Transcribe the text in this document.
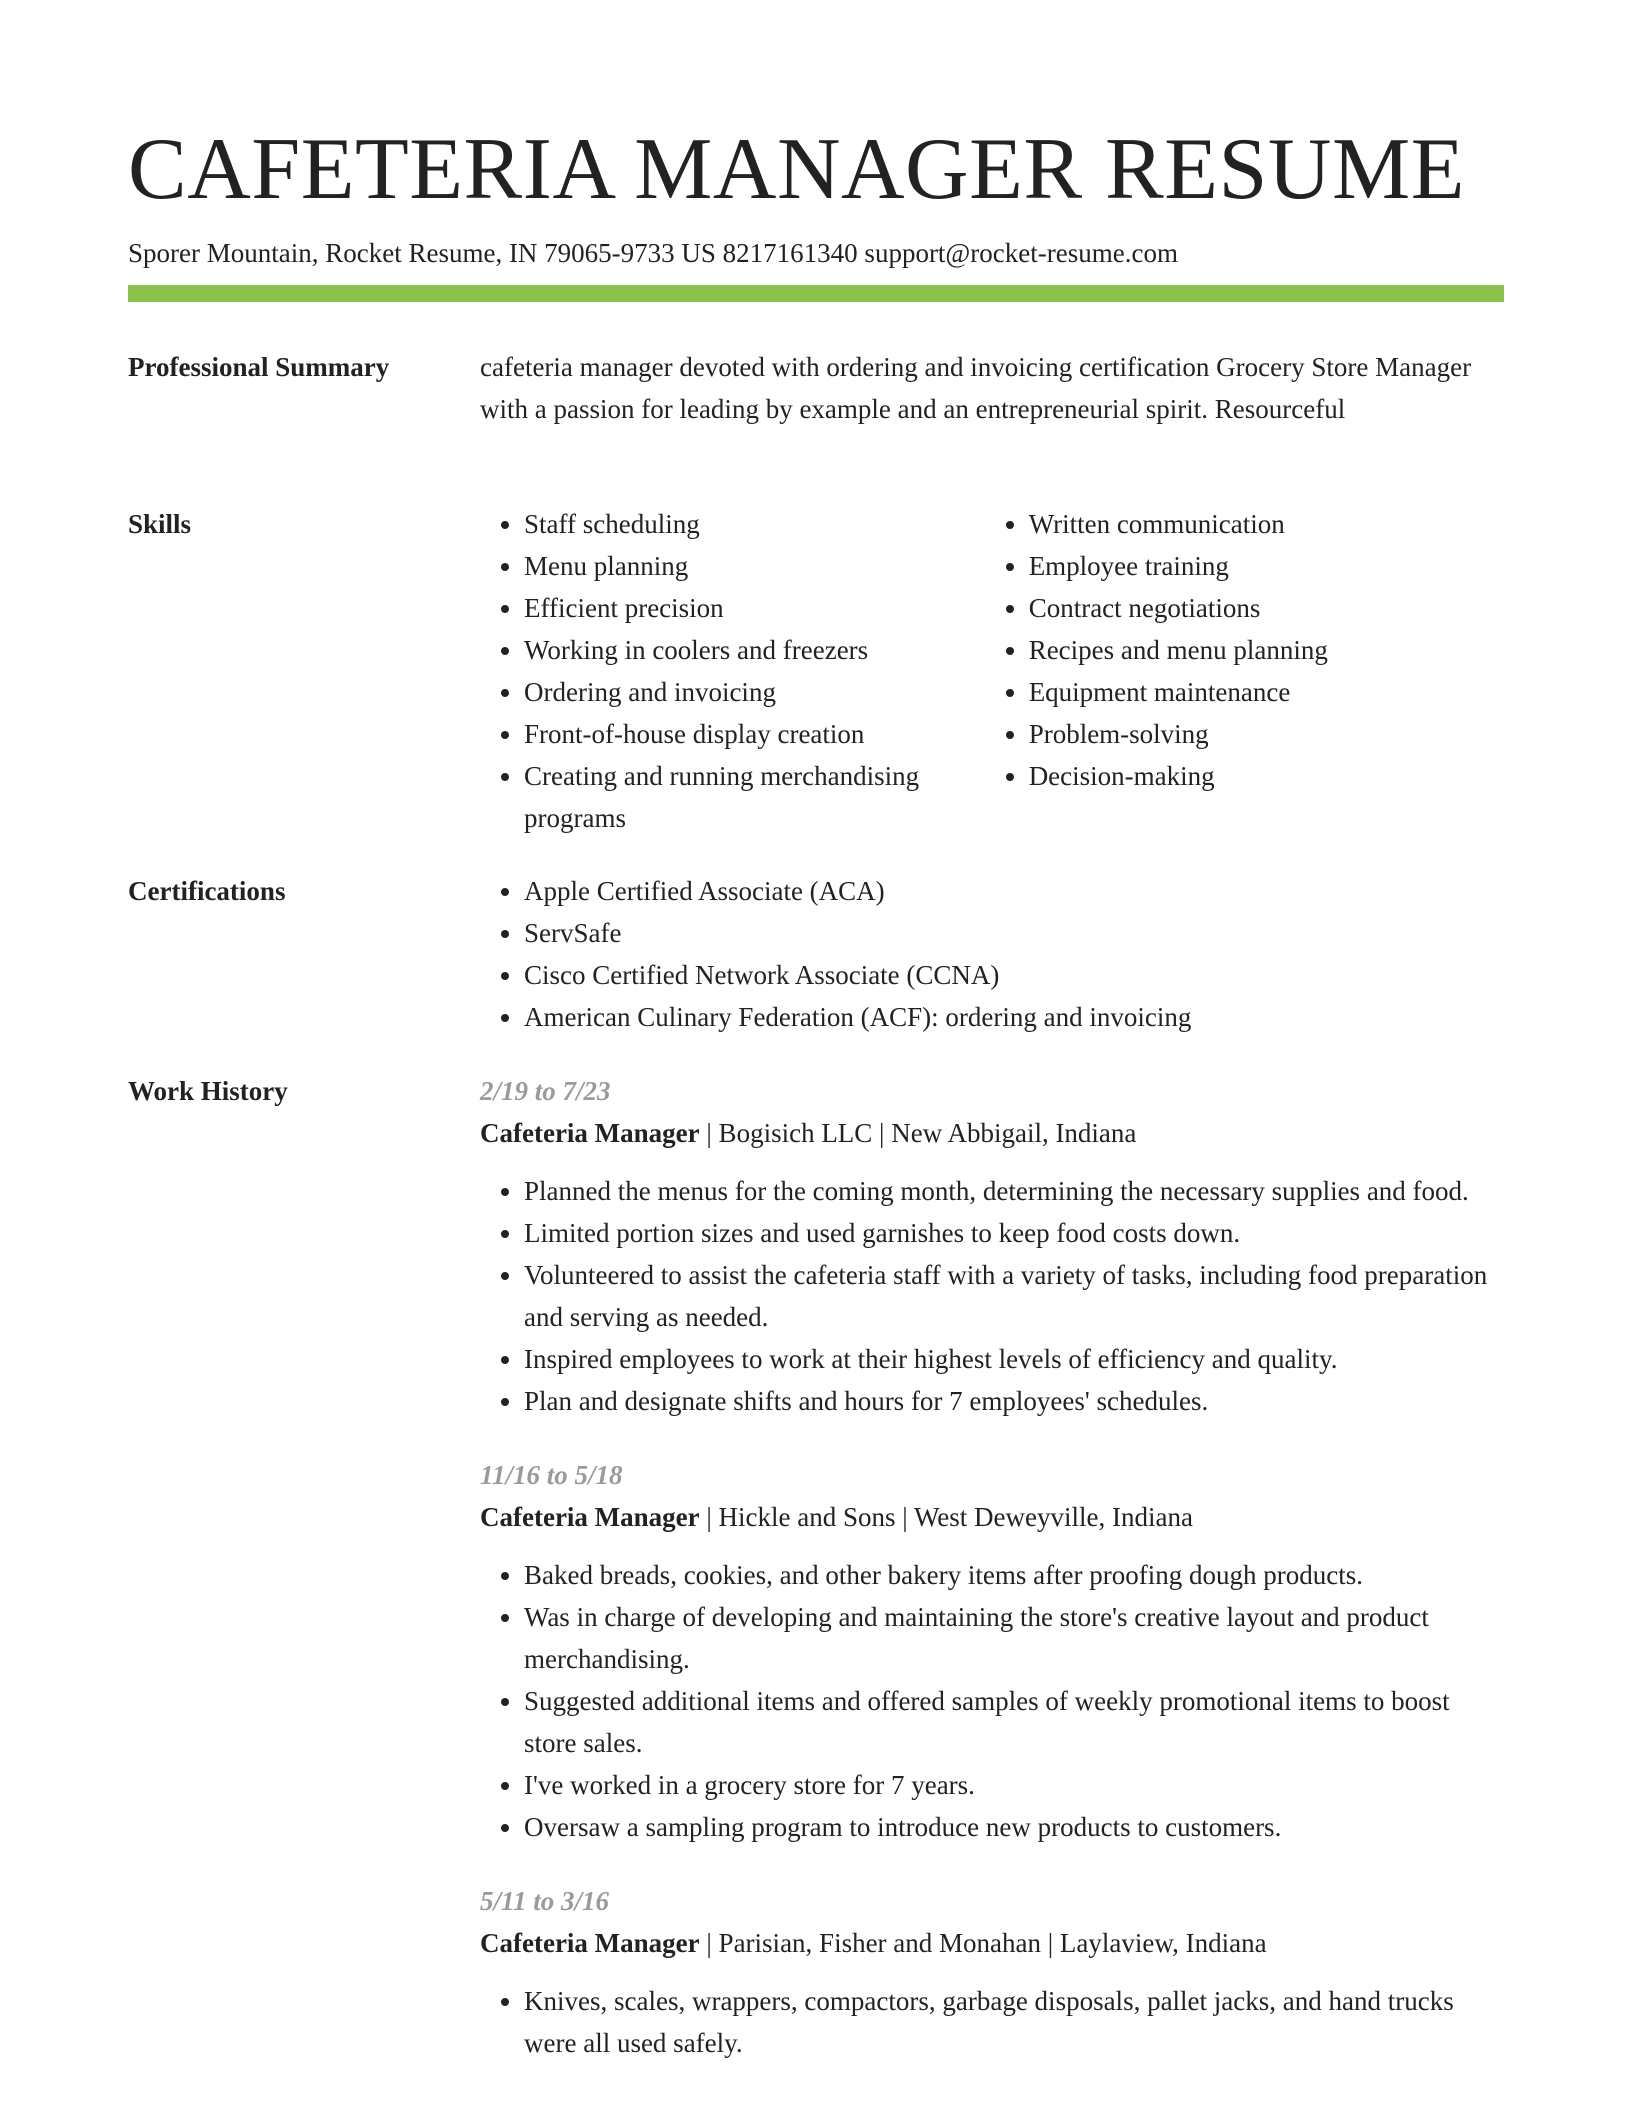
CAFETERIA MANAGER RESUME
Sporer Mountain, Rocket Resume, IN 79065-9733 US 8217161340 support@rocket-resume.com
Professional Summary	cafeteria manager devoted with ordering and invoicing certification Grocery Store Manager with a passion for leading by example and an entrepreneurial spirit. Resourceful

Skills	• Staff scheduling
• Menu planning
• Efficient precision
• Working in coolers and freezers
• Ordering and invoicing
• Front-of-house display creation
• Creating and running merchandising programs
• Written communication
• Employee training
• Contract negotiations
• Recipes and menu planning
• Equipment maintenance
• Problem-solving
• Decision-making
Certifications	• Apple Certified Associate (ACA)
• ServSafe
• Cisco Certified Network Associate (CCNA)
• American Culinary Federation (ACF): ordering and invoicing
Work History	2/19 to 7/23
Cafeteria Manager | Bogisich LLC | New Abbigail, Indiana
• Planned the menus for the coming month, determining the necessary supplies and food.
• Limited portion sizes and used garnishes to keep food costs down.
• Volunteered to assist the cafeteria staff with a variety of tasks, including food preparation and serving as needed.
• Inspired employees to work at their highest levels of efficiency and quality.
• Plan and designate shifts and hours for 7 employees' schedules.
11/16 to 5/18
Cafeteria Manager | Hickle and Sons | West Deweyville, Indiana
• Baked breads, cookies, and other bakery items after proofing dough products.
• Was in charge of developing and maintaining the store's creative layout and product merchandising.
• Suggested additional items and offered samples of weekly promotional items to boost store sales.
• I've worked in a grocery store for 7 years.
• Oversaw a sampling program to introduce new products to customers.
5/11 to 3/16
Cafeteria Manager | Parisian, Fisher and Monahan | Laylaview, Indiana
• Knives, scales, wrappers, compactors, garbage disposals, pallet jacks, and hand trucks were all used safely.
